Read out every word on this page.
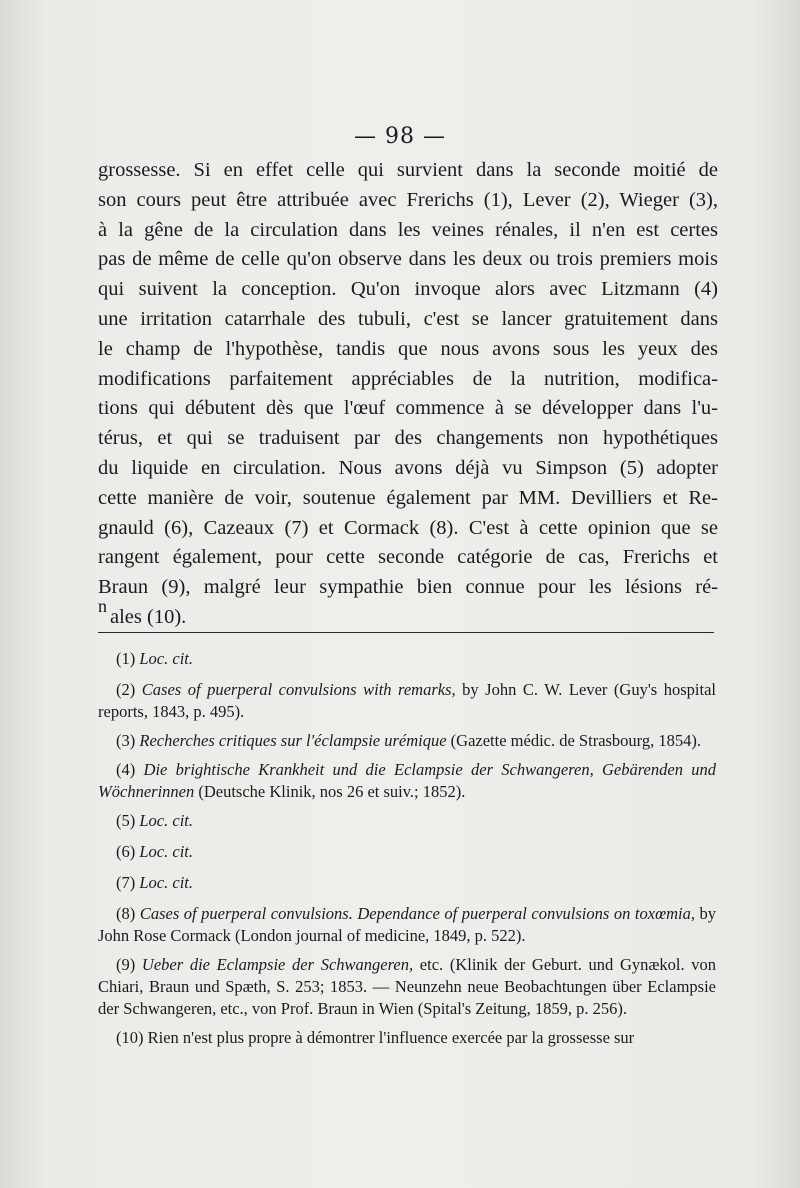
— 98 —
grossesse. Si en effet celle qui survient dans la seconde moitié de
son cours peut être attribuée avec Frerichs (1), Lever (2), Wieger (3),
à la gêne de la circulation dans les veines rénales, il n'en est certes
pas de même de celle qu'on observe dans les deux ou trois premiers mois
qui suivent la conception. Qu'on invoque alors avec Litzmann (4)
une irritation catarrhale des tubuli, c'est se lancer gratuitement dans
le champ de l'hypothèse, tandis que nous avons sous les yeux des
modifications parfaitement appréciables de la nutrition, modifica-
tions qui débutent dès que l'œuf commence à se développer dans l'u-
térus, et qui se traduisent par des changements non hypothétiques
du liquide en circulation. Nous avons déjà vu Simpson (5) adopter
cette manière de voir, soutenue également par MM. Devilliers et Re-
gnauld (6), Cazeaux (7) et Cormack (8). C'est à cette opinion que se
rangent également, pour cette seconde catégorie de cas, Frerichs et
Braun (9), malgré leur sympathie bien connue pour les lésions ré-
ales (10).
n

(1) Loc. cit.

(2) Cases of puerperal convulsions with remarks, by John C. W. Lever (Guy's hospital reports, 1843, p. 495).

(3) Recherches critiques sur l'éclampsie urémique (Gazette médic. de Strasbourg, 1854).

(4) Die brightische Krankheit und die Eclampsie der Schwangeren, Gebärenden und Wöchnerinnen (Deutsche Klinik, nos 26 et suiv.; 1852).

(5) Loc. cit.

(6) Loc. cit.

(7) Loc. cit.

(8) Cases of puerperal convulsions. Dependance of puerperal convulsions on toxœmia, by John Rose Cormack (London journal of medicine, 1849, p. 522).

(9) Ueber die Eclampsie der Schwangeren, etc. (Klinik der Geburt. und Gynækol. von Chiari, Braun und Spæth, S. 253; 1853. — Neunzehn neue Beobachtungen über Eclampsie der Schwangeren, etc., von Prof. Braun in Wien (Spital's Zeitung, 1859, p. 256).

(10) Rien n'est plus propre à démontrer l'influence exercée par la grossesse sur
